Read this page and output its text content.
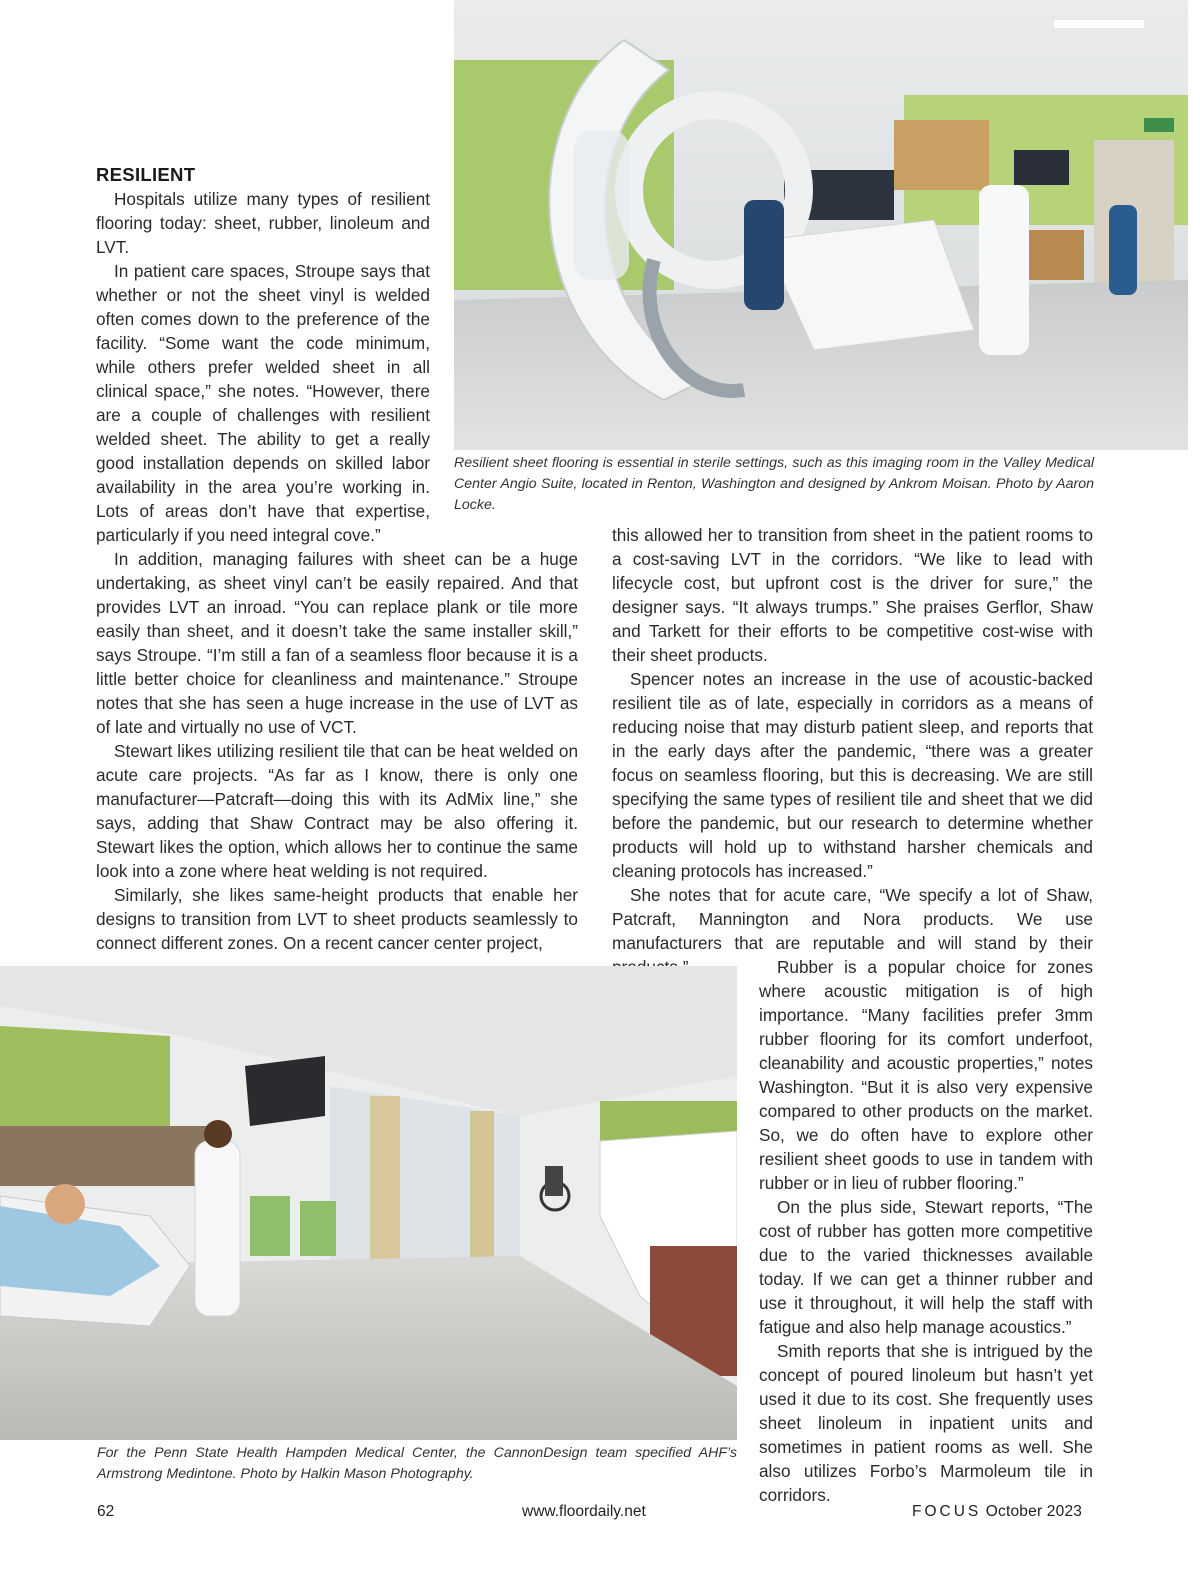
Resilient sheet flooring is essential in sterile settings, such as this imaging room in the Valley Medical Center Angio Suite, located in Renton, Washington and designed by Ankrom Moisan. Photo by Aaron Locke.
RESILIENT

Hospitals utilize many types of resilient flooring today: sheet, rubber, linoleum and LVT.

In patient care spaces, Stroupe says that whether or not the sheet vinyl is welded often comes down to the preference of the facility. “Some want the code minimum, while others prefer welded sheet in all clinical space,” she notes. “However, there are a couple of challenges with resilient welded sheet. The ability to get a really good installation depends on skilled labor availability in the area you’re working in. Lots of areas don’t have that expertise, particularly if you need integral cove.”

In addition, managing failures with sheet can be a huge undertaking, as sheet vinyl can’t be easily repaired. And that provides LVT an inroad. “You can replace plank or tile more easily than sheet, and it doesn’t take the same installer skill,” says Stroupe. “I’m still a fan of a seamless floor because it is a little better choice for cleanliness and maintenance.” Stroupe notes that she has seen a huge increase in the use of LVT as of late and virtually no use of VCT.

Stewart likes utilizing resilient tile that can be heat welded on acute care projects. “As far as I know, there is only one manufacturer—Patcraft—doing this with its AdMix line,” she says, adding that Shaw Contract may be also offering it. Stewart likes the option, which allows her to continue the same look into a zone where heat welding is not required.

Similarly, she likes same-height products that enable her designs to transition from LVT to sheet products seamlessly to connect different zones. On a recent cancer center project,

this allowed her to transition from sheet in the patient rooms to a cost-saving LVT in the corridors. “We like to lead with lifecycle cost, but upfront cost is the driver for sure,” the designer says. “It always trumps.” She praises Gerflor, Shaw and Tarkett for their efforts to be competitive cost-wise with their sheet products.

Spencer notes an increase in the use of acoustic-backed resilient tile as of late, especially in corridors as a means of reducing noise that may disturb patient sleep, and reports that in the early days after the pandemic, “there was a greater focus on seamless flooring, but this is decreasing. We are still specifying the same types of resilient tile and sheet that we did before the pandemic, but our research to determine whether products will hold up to withstand harsher chemicals and cleaning protocols has increased.”

She notes that for acute care, “We specify a lot of Shaw, Patcraft, Mannington and Nora products. We use manufacturers that are reputable and will stand by their

For the Penn State Health Hampden Medical Center, the CannonDesign team specified AHF’s Armstrong Medintone. Photo by Halkin Mason Photography.

Rubber is a popular choice for zones where acoustic mitigation is of high importance. “Many facilities prefer 3mm rubber flooring for its comfort underfoot, cleanability and acoustic properties,” notes Washington. “But it is also very expensive compared to other products on the market. So, we do often have to explore other resilient sheet goods to use in tandem with rubber or in lieu of rubber flooring.”

On the plus side, Stewart reports, “The cost of rubber has gotten more competitive due to the varied thicknesses available today. If we can get a thinner rubber and use it throughout, it will help the staff with fatigue and also help manage acoustics.”

Smith reports that she is intrigued by the concept of poured linoleum but hasn’t yet used it due to its cost. She frequently uses sheet linoleum in inpatient units and sometimes in patient rooms as well. She also utilizes Forbo’s Marmoleum tile in corridors.

62	www.floordaily.net	FOCUS October 2023
